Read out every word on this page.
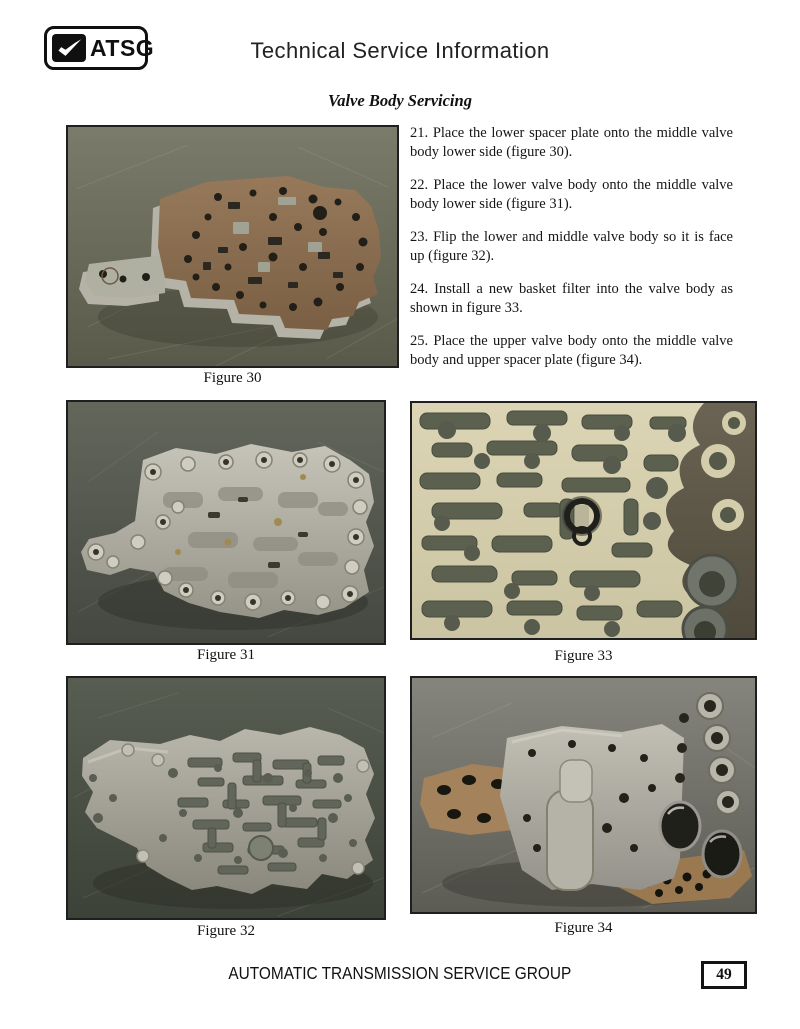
ATSG	Technical Service Information
Valve Body Servicing

21. Place the lower spacer plate onto the middle valve body lower side (figure 30).

22. Place the lower valve body onto the middle valve body lower side (figure 31).

23. Flip the lower and middle valve body so it is face up (figure 32).

24. Install a new basket filter into the valve body as shown in figure 33.

25. Place the upper valve body onto the middle valve body and upper spacer plate (figure 34).

Figure 30
Figure 31	Figure 33
Figure 32	Figure 34
AUTOMATIC TRANSMISSION SERVICE GROUP	49
